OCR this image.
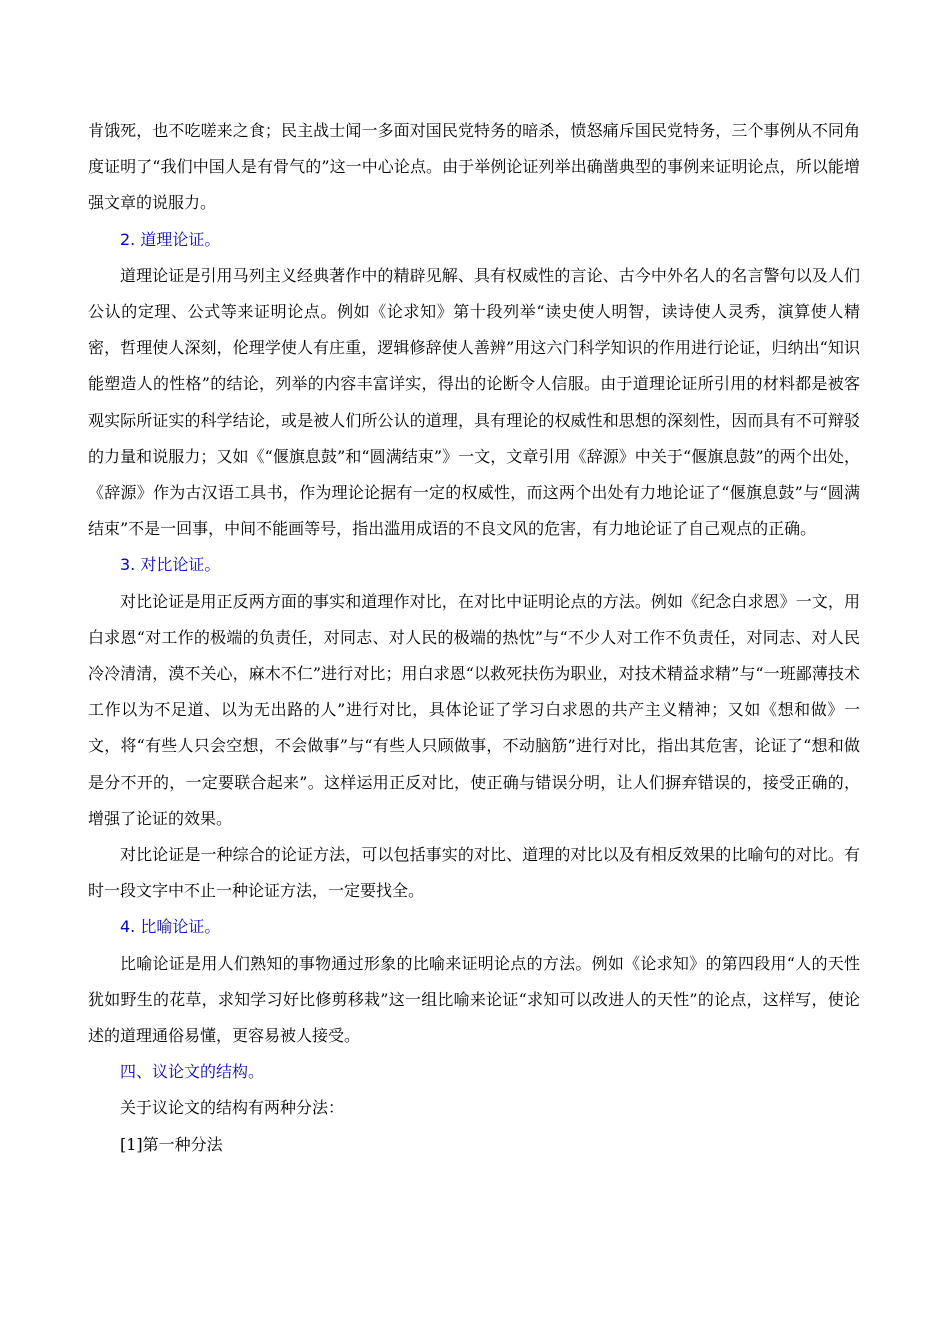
肯饿死，也不吃嗟来之食；民主战士闻一多面对国民党特务的暗杀，愤怒痛斥国民党特务，三个事例从不同角度证明了“我们中国人是有骨气的”这一中心论点。由于举例论证列举出确凿典型的事例来证明论点，所以能增强文章的说服力。

2. 道理论证。

道理论证是引用马列主义经典著作中的精辟见解、具有权威性的言论、古今中外名人的名言警句以及人们公认的定理、公式等来证明论点。例如《论求知》第十段列举“读史使人明智，读诗使人灵秀，演算使人精密，哲理使人深刻，伦理学使人有庄重，逻辑修辞使人善辨”用这六门科学知识的作用进行论证，归纳出“知识能塑造人的性格”的结论，列举的内容丰富详实，得出的论断令人信服。由于道理论证所引用的材料都是被客观实际所证实的科学结论，或是被人们所公认的道理，具有理论的权威性和思想的深刻性，因而具有不可辩驳的力量和说服力；又如《“偃旗息鼓”和“圆满结束”》一文，文章引用《辞源》中关于“偃旗息鼓”的两个出处，《辞源》作为古汉语工具书，作为理论论据有一定的权威性，而这两个出处有力地论证了“偃旗息鼓”与“圆满结束”不是一回事，中间不能画等号，指出滥用成语的不良文风的危害，有力地论证了自己观点的正确。

3. 对比论证。

对比论证是用正反两方面的事实和道理作对比，在对比中证明论点的方法。例如《纪念白求恩》一文，用白求恩“对工作的极端的负责任，对同志、对人民的极端的热忱”与“不少人对工作不负责任，对同志、对人民冷冷清清，漠不关心，麻木不仁”进行对比；用白求恩“以救死扶伤为职业，对技术精益求精”与“一班鄙薄技术工作以为不足道、以为无出路的人”进行对比，具体论证了学习白求恩的共产主义精神；又如《想和做》一文，将“有些人只会空想，不会做事”与“有些人只顾做事，不动脑筋”进行对比，指出其危害，论证了“想和做是分不开的，一定要联合起来”。这样运用正反对比，使正确与错误分明，让人们摒弃错误的，接受正确的，增强了论证的效果。

对比论证是一种综合的论证方法，可以包括事实的对比、道理的对比以及有相反效果的比喻句的对比。有时一段文字中不止一种论证方法，一定要找全。

4. 比喻论证。

比喻论证是用人们熟知的事物通过形象的比喻来证明论点的方法。例如《论求知》的第四段用“人的天性犹如野生的花草，求知学习好比修剪移栽”这一组比喻来论证“求知可以改进人的天性”的论点，这样写，使论述的道理通俗易懂，更容易被人接受。

四、议论文的结构。

关于议论文的结构有两种分法：

[1]第一种分法
